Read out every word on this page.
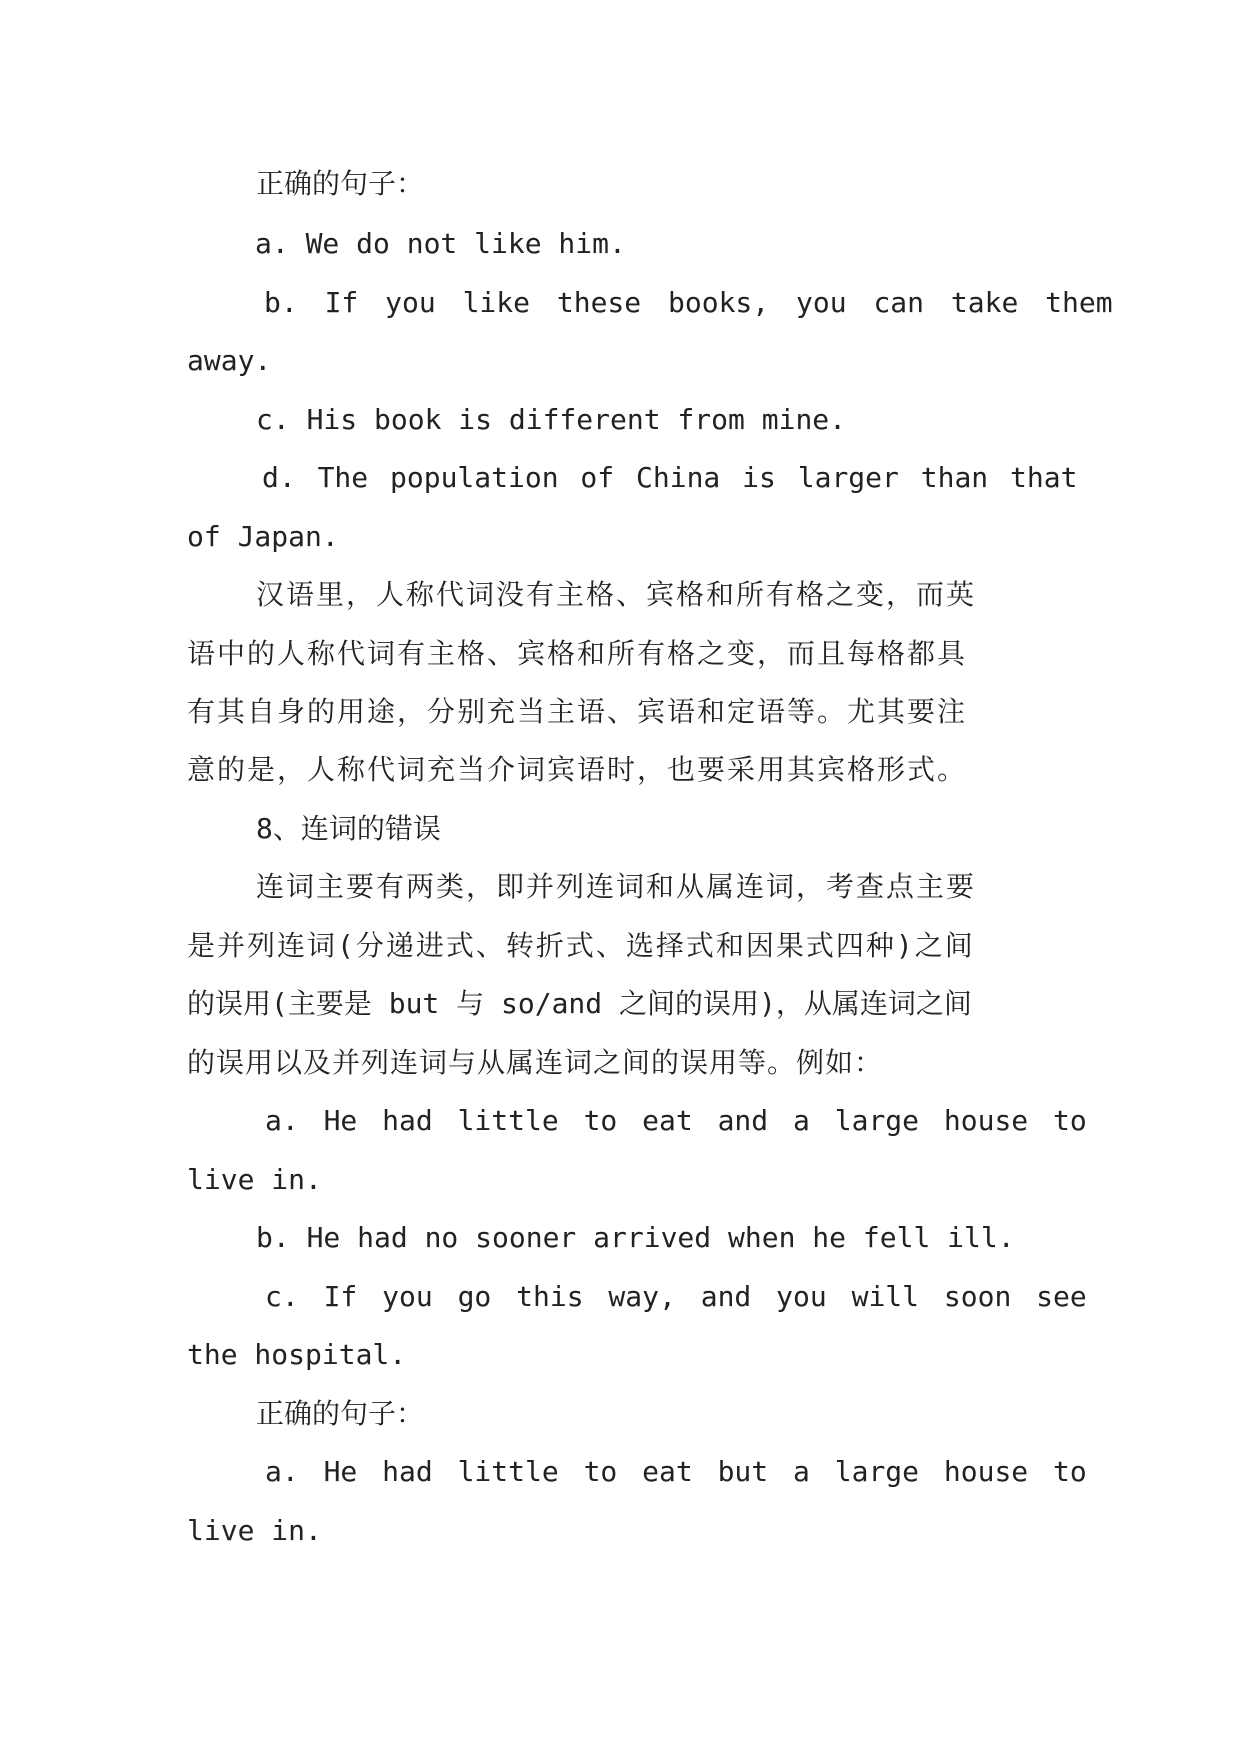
正确的句子：
a. We do not like him.
b. If you like these books, you can take them
away.
c. His book is different from mine.
d. The population of China is larger than that
of Japan.
汉语里，人称代词没有主格、宾格和所有格之变，而英
语中的人称代词有主格、宾格和所有格之变，而且每格都具
有其自身的用途，分别充当主语、宾语和定语等。尤其要注
意的是，人称代词充当介词宾语时，也要采用其宾格形式。
8、连词的错误
连词主要有两类，即并列连词和从属连词，考查点主要
是并列连词(分递进式、转折式、选择式和因果式四种)之间
的误用(主要是 but 与 so/and 之间的误用)，从属连词之间
的误用以及并列连词与从属连词之间的误用等。例如：
a. He had little to eat and a large house to
live in.
b. He had no sooner arrived when he fell ill.
c. If you go this way, and you will soon see
the hospital.
正确的句子：
a. He had little to eat but a large house to
live in.
